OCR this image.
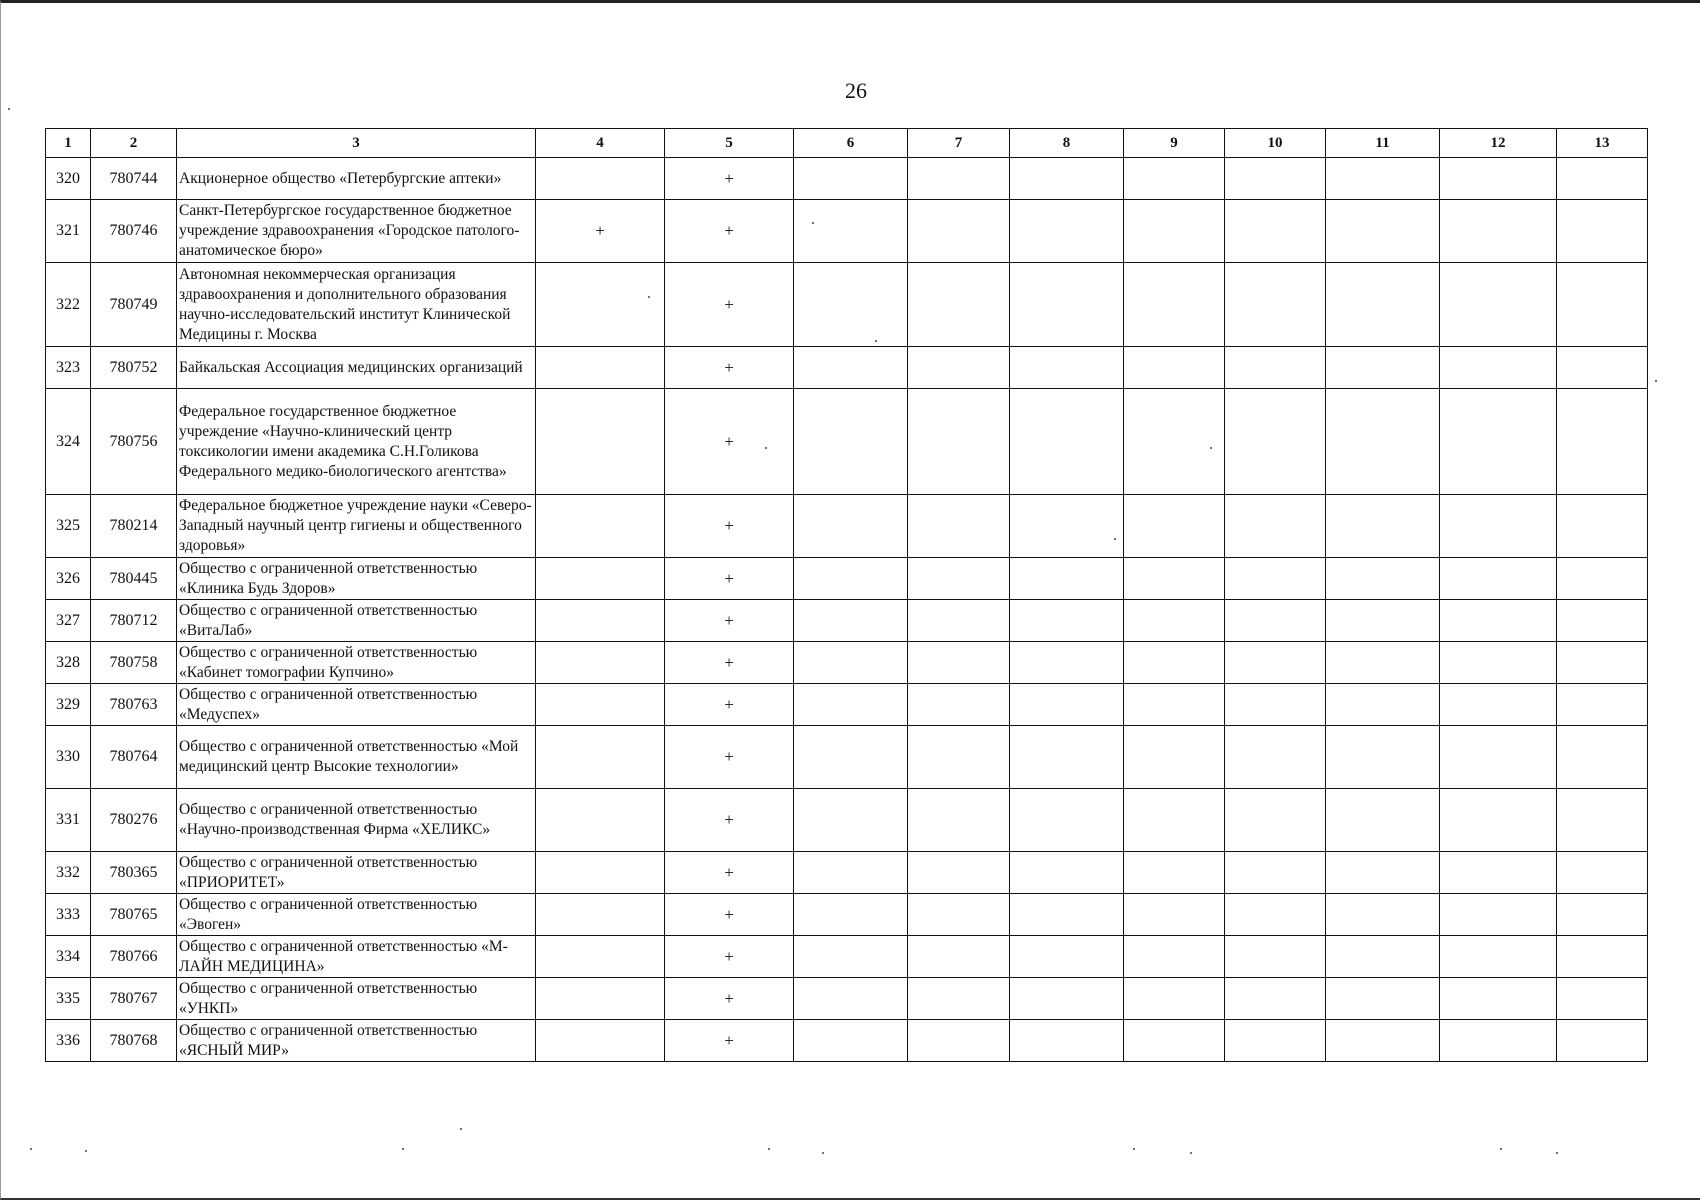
26
1	2	3	4	5	6	7	8	9	10	11	12	13
320	780744	Акционерное общество «Петербургские аптеки»		+								
321	780746	Санкт-Петербургское государственное бюджетное учреждение здравоохранения «Городское патолого-анатомическое бюро»	+	+								
322	780749	Автономная некоммерческая организация здравоохранения и дополнительного образования научно-исследовательский институт Клинической Медицины г. Москва		+								
323	780752	Байкальская Ассоциация медицинских организаций		+								
324	780756	Федеральное государственное бюджетное учреждение «Научно-клинический центр токсикологии имени академика С.Н.Голикова Федерального медико-биологического агентства»		+								
325	780214	Федеральное бюджетное учреждение науки «Северо-Западный научный центр гигиены и общественного здоровья»		+								
326	780445	Общество с ограниченной ответственностью «Клиника Будь Здоров»		+								
327	780712	Общество с ограниченной ответственностью «ВитаЛаб»		+								
328	780758	Общество с ограниченной ответственностью «Кабинет томографии Купчино»		+								
329	780763	Общество с ограниченной ответственностью «Медуспех»		+								
330	780764	Общество с ограниченной ответственностью «Мой медицинский центр Высокие технологии»		+								
331	780276	Общество с ограниченной ответственностью «Научно-производственная Фирма «ХЕЛИКС»		+								
332	780365	Общество с ограниченной ответственностью «ПРИОРИТЕТ»		+								
333	780765	Общество с ограниченной ответственностью «Эвоген»		+								
334	780766	Общество с ограниченной ответственностью «М-ЛАЙН МЕДИЦИНА»		+								
335	780767	Общество с ограниченной ответственностью «УНКП»		+								
336	780768	Общество с ограниченной ответственностью «ЯСНЫЙ МИР»		+								
